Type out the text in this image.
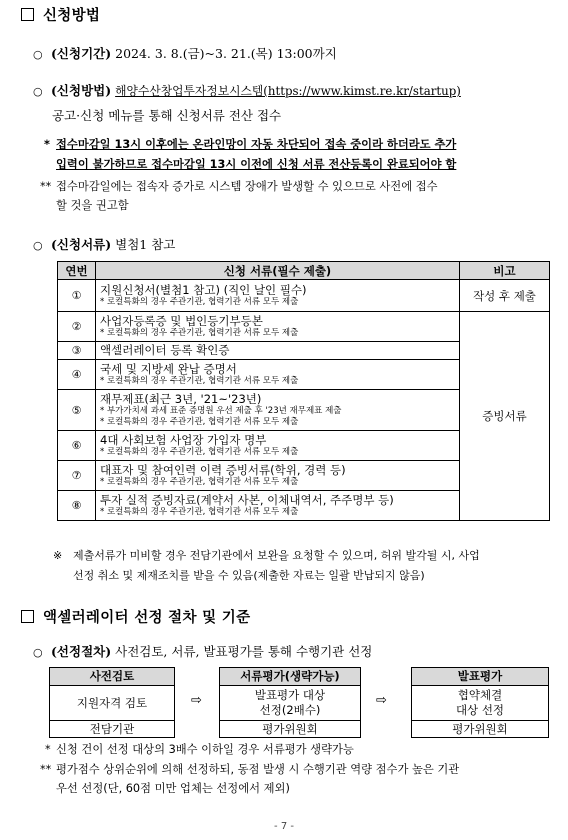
신청방법
○ (신청기간) 2024. 3. 8.(금)~3. 21.(목) 13:00까지
○ (신청방법) 해양수산창업투자정보시스템(https://www.kimst.re.kr/startup)
공고·신청 메뉴를 통해 신청서류 전산 접수
* 접수마감일 13시 이후에는 온라인망이 자동 차단되어 접속 중이라 하더라도 추가
입력이 불가하므로 접수마감일 13시 이전에 신청 서류 전산등록이 완료되어야 함
** 접수마감일에는 접속자 증가로 시스템 장애가 발생할 수 있으므로 사전에 접수
할 것을 권고함
○ (신청서류) 별첨1 참고
연번	신청 서류(필수 제출)	비고
①	지원신청서(별첨1 참고) (직인 날인 필수)
* 로컬특화의 경우 주관기관, 협력기관 서류 모두 제출	작성 후 제출
②	사업자등록증 및 법인등기부등본
* 로컬특화의 경우 주관기관, 협력기관 서류 모두 제출	증빙서류
③	액셀러레이터 등록 확인증	

④	국세 및 지방세 완납 증명서
* 로컬특화의 경우 주관기관, 협력기관 서류 모두 제출	

⑤	재무제표(최근 3년, '21~'23년)
* 부가가치세 과세 표준 증명원 우선 제출 후 '23년 재무제표 제출
* 로컬특화의 경우 주관기관, 협력기관 서류 모두 제출	

⑥	4대 사회보험 사업장 가입자 명부
* 로컬특화의 경우 주관기관, 협력기관 서류 모두 제출	

⑦	대표자 및 참여인력 이력 증빙서류(학위, 경력 등)
* 로컬특화의 경우 주관기관, 협력기관 서류 모두 제출	

⑧	투자 실적 증빙자료(계약서 사본, 이체내역서, 주주명부 등)
* 로컬특화의 경우 주관기관, 협력기관 서류 모두 제출	
※ 제출서류가 미비할 경우 전담기관에서 보완을 요청할 수 있으며, 허위 발각될 시, 사업
선정 취소 및 제재조치를 받을 수 있음(제출한 자료는 일괄 반납되지 않음)
액셀러레이터 선정 절차 및 기준
○ (선정절차) 사전검토, 서류, 발표평가를 통해 수행기관 선정
사전검토
지원자격 검토
전담기관
⇨
서류평가(생략가능)
발표평가 대상
선정(2배수)
평가위원회
⇨
발표평가
협약체결
대상 선정
평가위원회
* 신청 건이 선정 대상의 3배수 이하일 경우 서류평가 생략가능
** 평가점수 상위순위에 의해 선정하되, 동점 발생 시 수행기관 역량 점수가 높은 기관
우선 선정(단, 60점 미만 업체는 선정에서 제외)
- 7 -
